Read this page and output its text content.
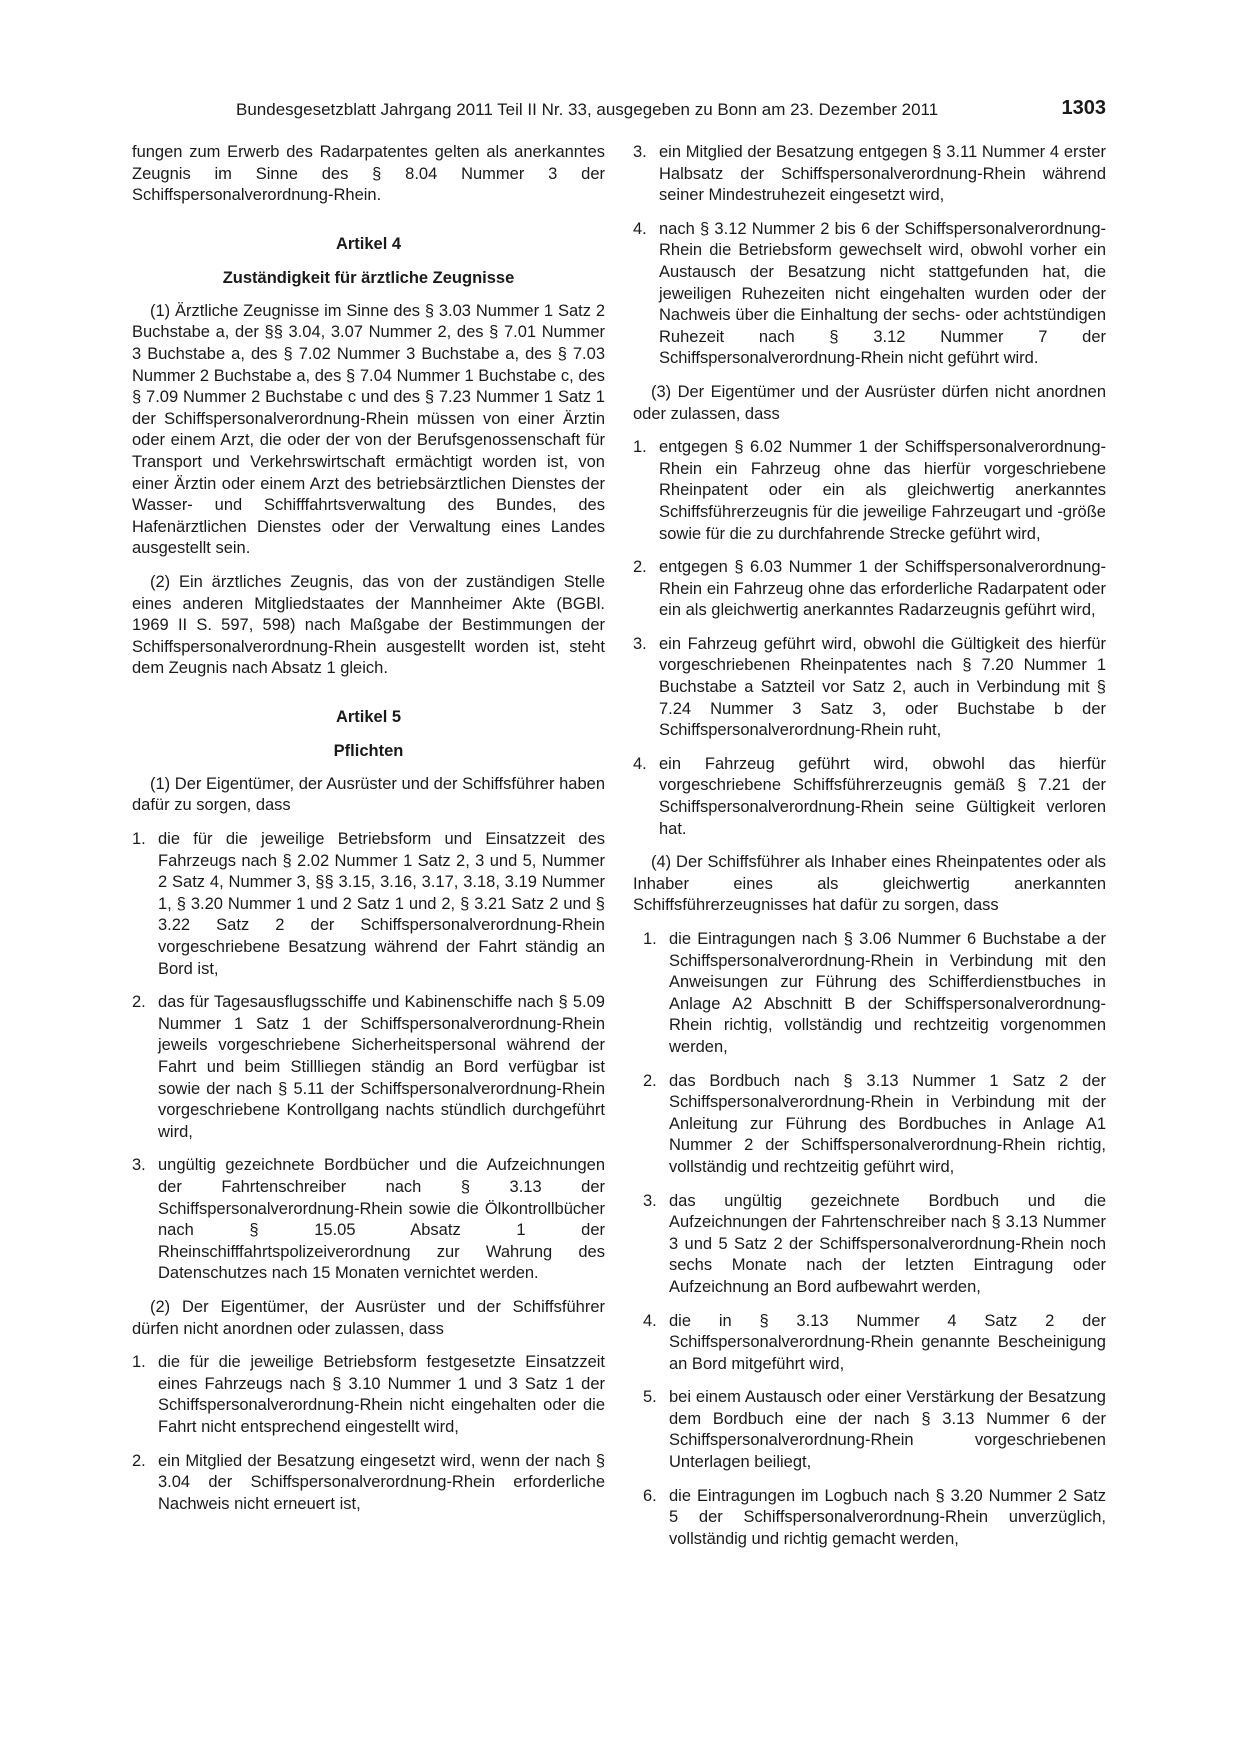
Bundesgesetzblatt Jahrgang 2011 Teil II Nr. 33, ausgegeben zu Bonn am 23. Dezember 2011	1303

fungen zum Erwerb des Radarpatentes gelten als anerkanntes Zeugnis im Sinne des § 8.04 Nummer 3 der Schiffspersonalverordnung-Rhein.

Artikel 4
Zuständigkeit für ärztliche Zeugnisse

(1) Ärztliche Zeugnisse im Sinne des § 3.03 Nummer 1 Satz 2 Buchstabe a, der §§ 3.04, 3.07 Nummer 2, des § 7.01 Nummer 3 Buchstabe a, des § 7.02 Nummer 3 Buchstabe a, des § 7.03 Nummer 2 Buchstabe a, des § 7.04 Nummer 1 Buchstabe c, des § 7.09 Nummer 2 Buchstabe c und des § 7.23 Nummer 1 Satz 1 der Schiffspersonalverordnung-Rhein müssen von einer Ärztin oder einem Arzt, die oder der von der Berufsgenossenschaft für Transport und Verkehrswirtschaft ermächtigt worden ist, von einer Ärztin oder einem Arzt des betriebsärztlichen Dienstes der Wasser- und Schifffahrtsverwaltung des Bundes, des Hafenärztlichen Dienstes oder der Verwaltung eines Landes ausgestellt sein.

(2) Ein ärztliches Zeugnis, das von der zuständigen Stelle eines anderen Mitgliedstaates der Mannheimer Akte (BGBl. 1969 II S. 597, 598) nach Maßgabe der Bestimmungen der Schiffspersonalverordnung-Rhein ausgestellt worden ist, steht dem Zeugnis nach Absatz 1 gleich.

Artikel 5
Pflichten

(1) Der Eigentümer, der Ausrüster und der Schiffsführer haben dafür zu sorgen, dass

1. die für die jeweilige Betriebsform und Einsatzzeit des Fahrzeugs nach § 2.02 Nummer 1 Satz 2, 3 und 5, Nummer 2 Satz 4, Nummer 3, §§ 3.15, 3.16, 3.17, 3.18, 3.19 Nummer 1, § 3.20 Nummer 1 und 2 Satz 1 und 2, § 3.21 Satz 2 und § 3.22 Satz 2 der Schiffspersonalverordnung-Rhein vorgeschriebene Besatzung während der Fahrt ständig an Bord ist,
2. das für Tagesausflugsschiffe und Kabinenschiffe nach § 5.09 Nummer 1 Satz 1 der Schiffspersonalverordnung-Rhein jeweils vorgeschriebene Sicherheitspersonal während der Fahrt und beim Stillliegen ständig an Bord verfügbar ist sowie der nach § 5.11 der Schiffspersonalverordnung-Rhein vorgeschriebene Kontrollgang nachts stündlich durchgeführt wird,
3. ungültig gezeichnete Bordbücher und die Aufzeichnungen der Fahrtenschreiber nach § 3.13 der Schiffspersonalverordnung-Rhein sowie die Ölkontrollbücher nach § 15.05 Absatz 1 der Rheinschifffahrtspolizeiverordnung zur Wahrung des Datenschutzes nach 15 Monaten vernichtet werden.

(2) Der Eigentümer, der Ausrüster und der Schiffsführer dürfen nicht anordnen oder zulassen, dass

1. die für die jeweilige Betriebsform festgesetzte Einsatzzeit eines Fahrzeugs nach § 3.10 Nummer 1 und 3 Satz 1 der Schiffspersonalverordnung-Rhein nicht eingehalten oder die Fahrt nicht entsprechend eingestellt wird,
2. ein Mitglied der Besatzung eingesetzt wird, wenn der nach § 3.04 der Schiffspersonalverordnung-Rhein erforderliche Nachweis nicht erneuert ist,
3. ein Mitglied der Besatzung entgegen § 3.11 Nummer 4 erster Halbsatz der Schiffspersonalverordnung-Rhein während seiner Mindestruhezeit eingesetzt wird,
4. nach § 3.12 Nummer 2 bis 6 der Schiffspersonalverordnung-Rhein die Betriebsform gewechselt wird, obwohl vorher ein Austausch der Besatzung nicht stattgefunden hat, die jeweiligen Ruhezeiten nicht eingehalten wurden oder der Nachweis über die Einhaltung der sechs- oder achtstündigen Ruhezeit nach § 3.12 Nummer 7 der Schiffspersonalverordnung-Rhein nicht geführt wird.

(3) Der Eigentümer und der Ausrüster dürfen nicht anordnen oder zulassen, dass

1. entgegen § 6.02 Nummer 1 der Schiffspersonalverordnung-Rhein ein Fahrzeug ohne das hierfür vorgeschriebene Rheinpatent oder ein als gleichwertig anerkanntes Schiffsführerzeugnis für die jeweilige Fahrzeugart und -größe sowie für die zu durchfahrende Strecke geführt wird,
2. entgegen § 6.03 Nummer 1 der Schiffspersonalverordnung-Rhein ein Fahrzeug ohne das erforderliche Radarpatent oder ein als gleichwertig anerkanntes Radarzeugnis geführt wird,
3. ein Fahrzeug geführt wird, obwohl die Gültigkeit des hierfür vorgeschriebenen Rheinpatentes nach § 7.20 Nummer 1 Buchstabe a Satzteil vor Satz 2, auch in Verbindung mit § 7.24 Nummer 3 Satz 3, oder Buchstabe b der Schiffspersonalverordnung-Rhein ruht,
4. ein Fahrzeug geführt wird, obwohl das hierfür vorgeschriebene Schiffsführerzeugnis gemäß § 7.21 der Schiffspersonalverordnung-Rhein seine Gültigkeit verloren hat.

(4) Der Schiffsführer als Inhaber eines Rheinpatentes oder als Inhaber eines als gleichwertig anerkannten Schiffsführerzeugnisses hat dafür zu sorgen, dass

1. die Eintragungen nach § 3.06 Nummer 6 Buchstabe a der Schiffspersonalverordnung-Rhein in Verbindung mit den Anweisungen zur Führung des Schifferdienstbuches in Anlage A2 Abschnitt B der Schiffspersonalverordnung-Rhein richtig, vollständig und rechtzeitig vorgenommen werden,
2. das Bordbuch nach § 3.13 Nummer 1 Satz 2 der Schiffspersonalverordnung-Rhein in Verbindung mit der Anleitung zur Führung des Bordbuches in Anlage A1 Nummer 2 der Schiffspersonalverordnung-Rhein richtig, vollständig und rechtzeitig geführt wird,
3. das ungültig gezeichnete Bordbuch und die Aufzeichnungen der Fahrtenschreiber nach § 3.13 Nummer 3 und 5 Satz 2 der Schiffspersonalverordnung-Rhein noch sechs Monate nach der letzten Eintragung oder Aufzeichnung an Bord aufbewahrt werden,
4. die in § 3.13 Nummer 4 Satz 2 der Schiffspersonalverordnung-Rhein genannte Bescheinigung an Bord mitgeführt wird,
5. bei einem Austausch oder einer Verstärkung der Besatzung dem Bordbuch eine der nach § 3.13 Nummer 6 der Schiffspersonalverordnung-Rhein vorgeschriebenen Unterlagen beiliegt,
6. die Eintragungen im Logbuch nach § 3.20 Nummer 2 Satz 5 der Schiffspersonalverordnung-Rhein unverzüglich, vollständig und richtig gemacht werden,
